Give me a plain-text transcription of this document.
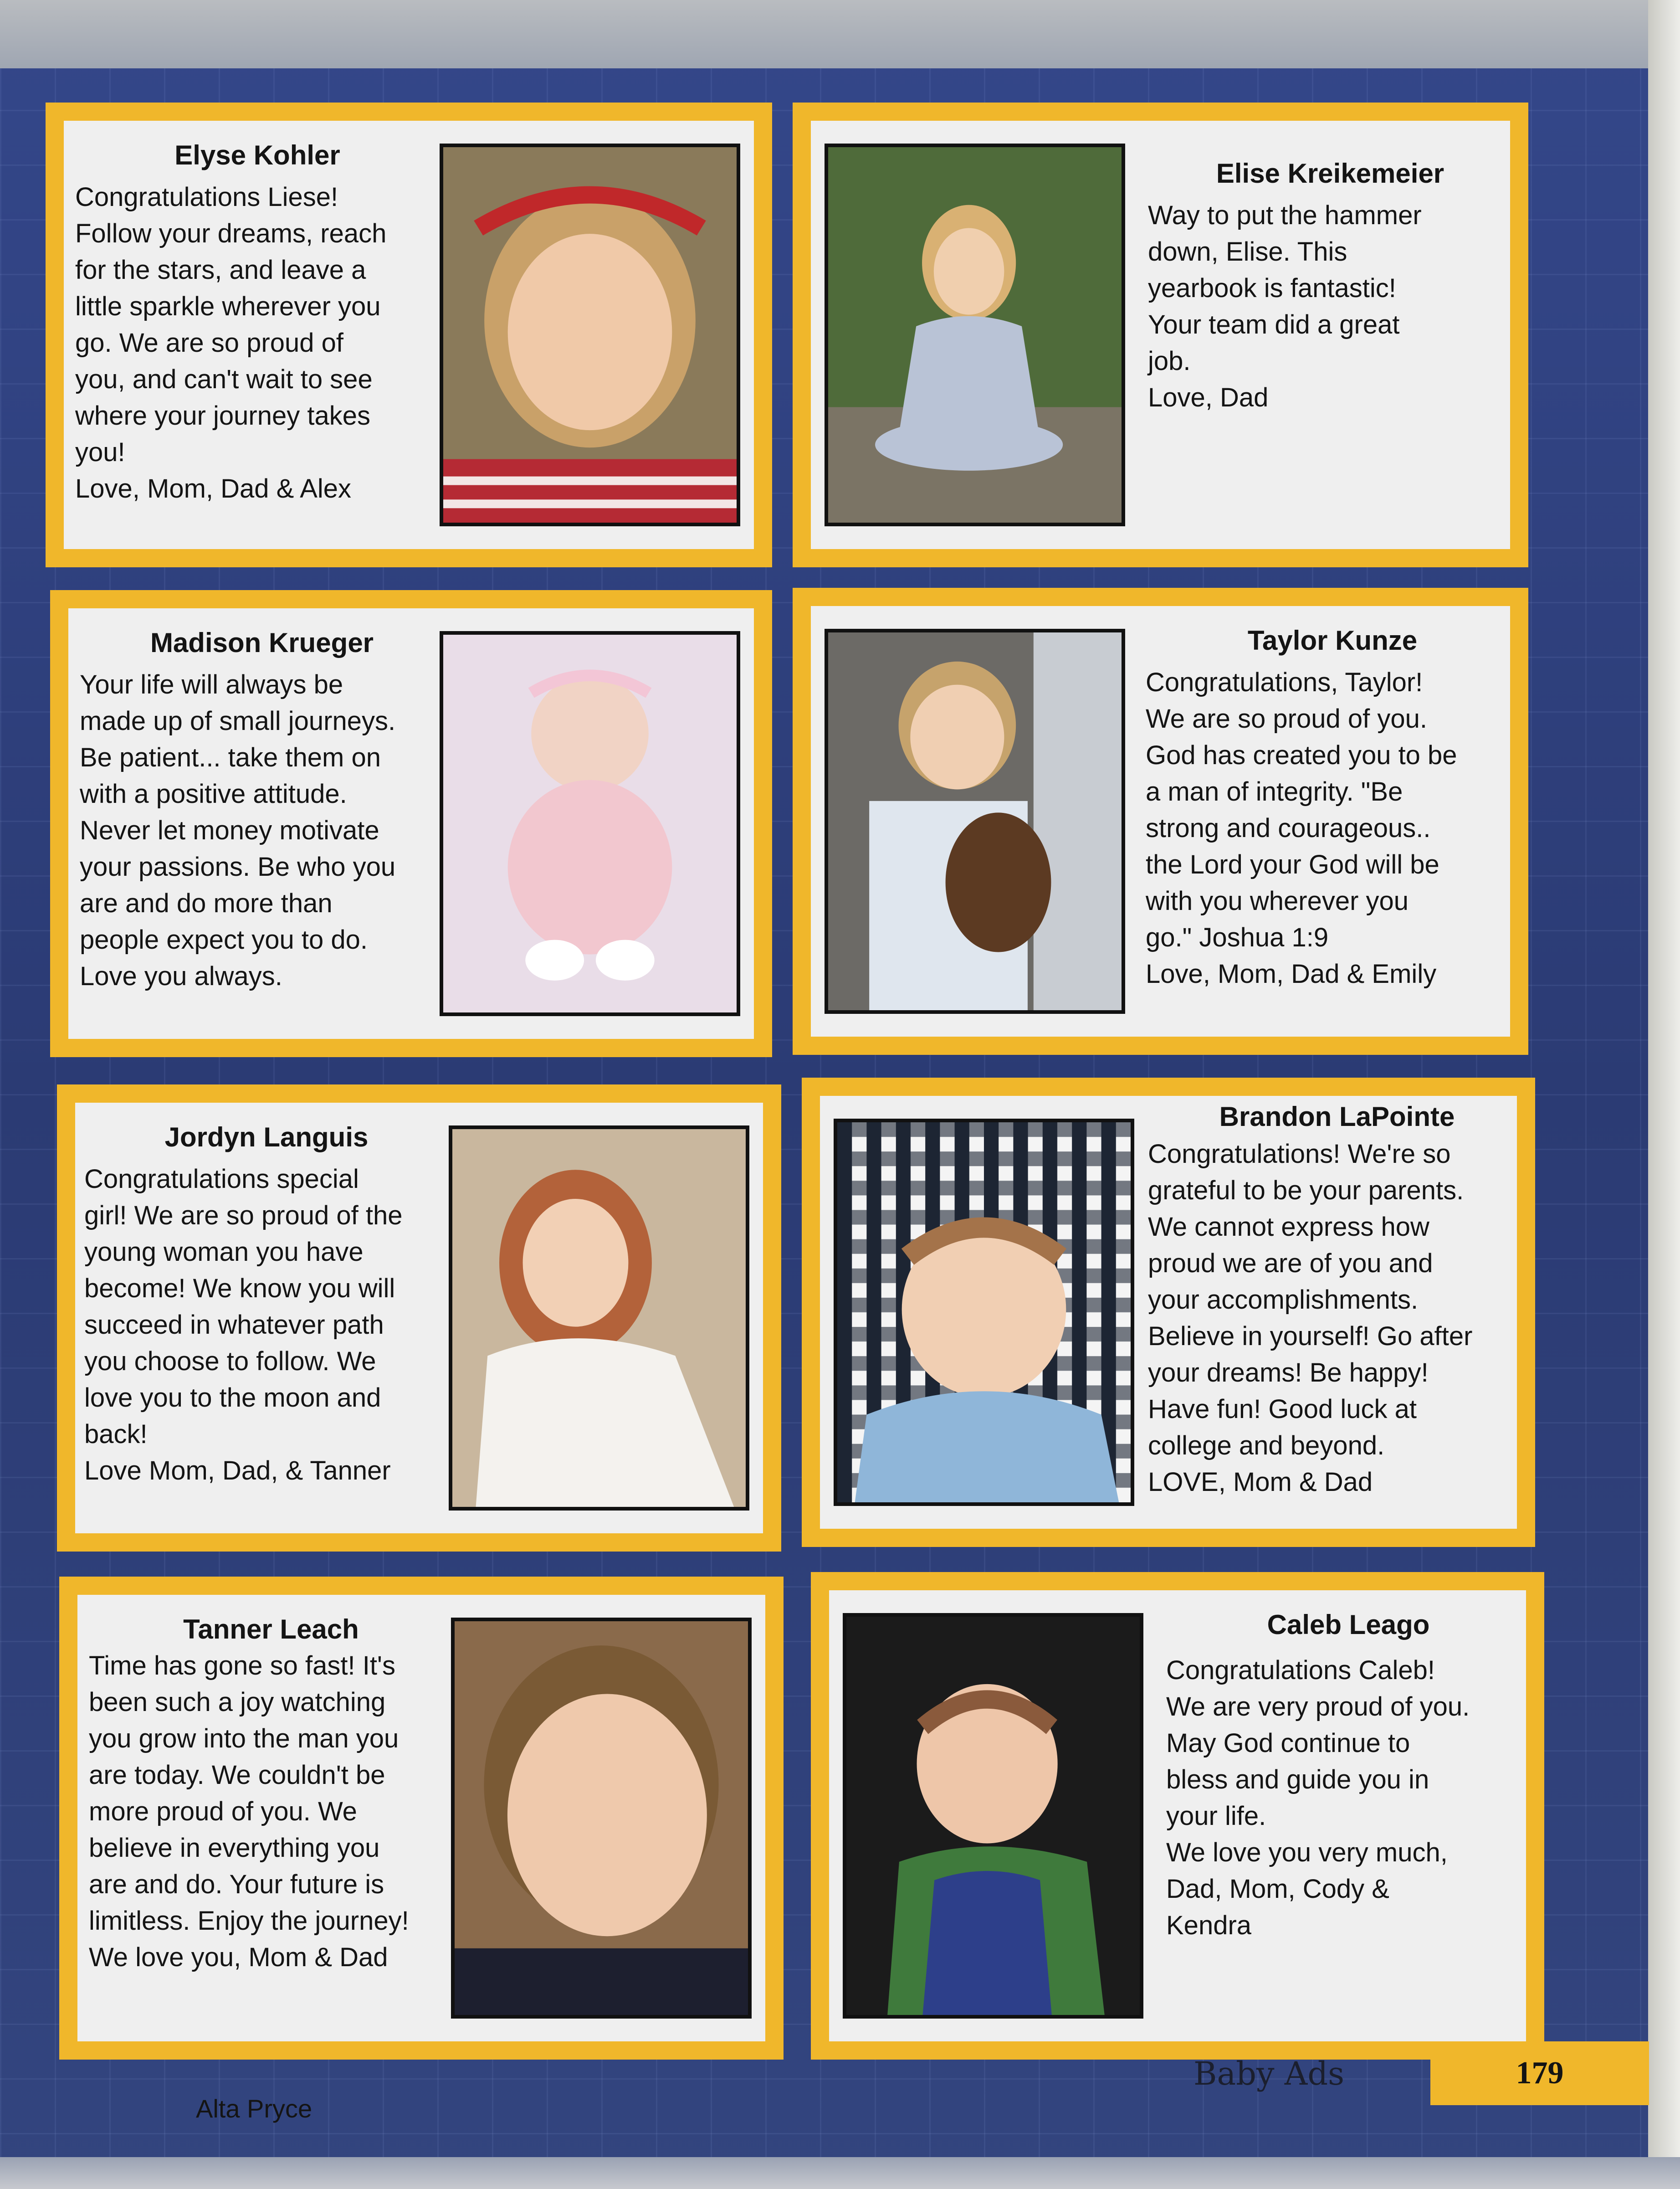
Elyse Kohler
Congratulations Liese!
Follow your dreams, reach
for the stars, and leave a
little sparkle wherever you
go. We are so proud of
you, and can't wait to see
where your journey takes
you!
Love, Mom, Dad & Alex
Elise Kreikemeier
Way to put the hammer
down, Elise. This
yearbook is fantastic!
Your team did a great
job.
Love, Dad
Madison Krueger
Your life will always be
made up of small journeys.
Be patient... take them on
with a positive attitude.
Never let money motivate
your passions. Be who you
are and do more than
people expect you to do.
Love you always.
Taylor Kunze
Congratulations, Taylor!
We are so proud of you.
God has created you to be
a man of integrity. "Be
strong and courageous..
the Lord your God will be
with you wherever you
go." Joshua 1:9
Love, Mom, Dad & Emily
Jordyn Languis
Congratulations special
girl! We are so proud of the
young woman you have
become! We know you will
succeed in whatever path
you choose to follow. We
love you to the moon and
back!
Love Mom, Dad, & Tanner
Brandon LaPointe
Congratulations! We're so
grateful to be your parents.
We cannot express how
proud we are of you and
your accomplishments.
Believe in yourself! Go after
your dreams! Be happy!
Have fun! Good luck at
college and beyond.
LOVE, Mom & Dad
Tanner Leach
Time has gone so fast! It's
been such a joy watching
you grow into the man you
are today. We couldn't be
more proud of you. We
believe in everything you
are and do. Your future is
limitless. Enjoy the journey!
We love you, Mom & Dad
Caleb Leago
Congratulations Caleb!
We are very proud of you.
May God continue to
bless and guide you in
your life.
We love you very much,
Dad, Mom, Cody &
Kendra
Baby Ads	179
Alta Pryce
